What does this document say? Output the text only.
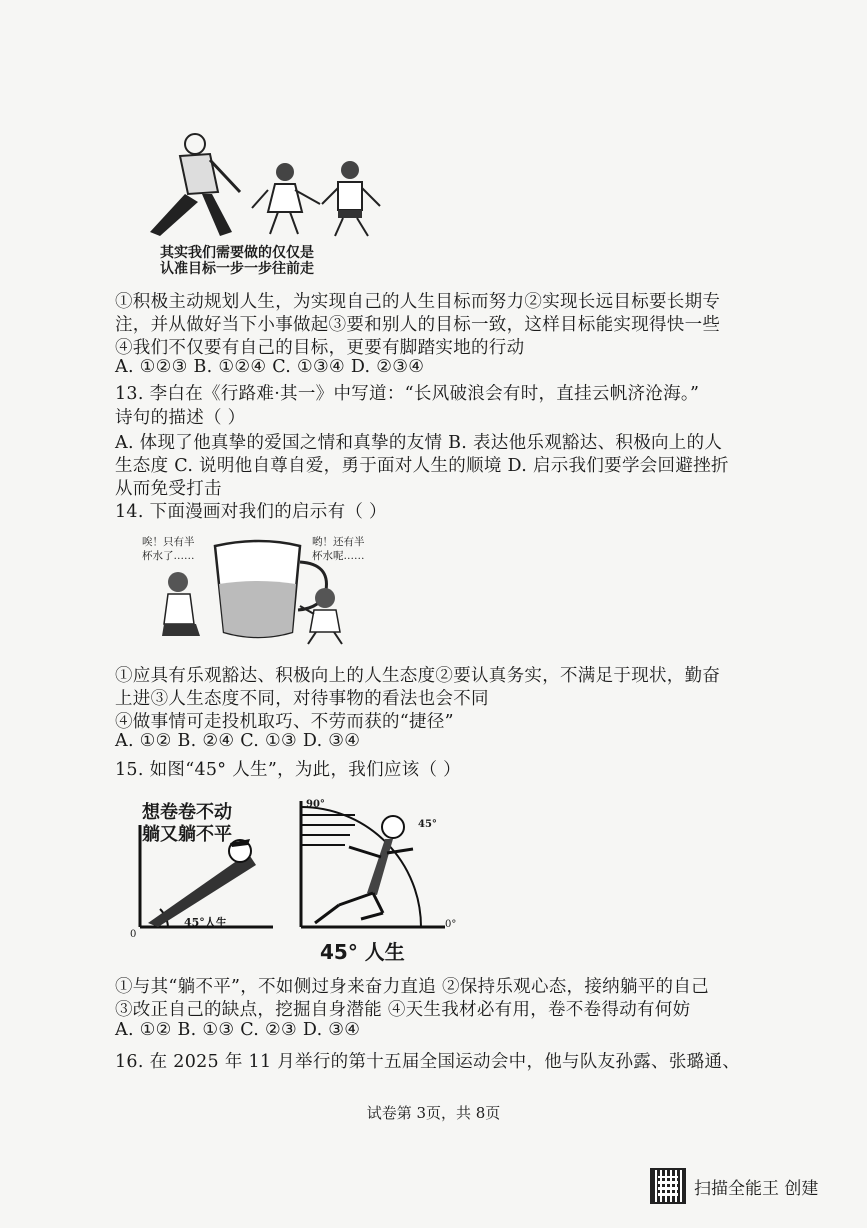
其实我们需要做的仅仅是
认准目标一步一步往前走
①积极主动规划人生，为实现自己的人生目标而努力②实现长远目标要长期专
注，并从做好当下小事做起③要和别人的目标一致，这样目标能实现得快一些
④我们不仅要有自己的目标，更要有脚踏实地的行动
A. ①②③ B. ①②④ C. ①③④ D. ②③④
13. 李白在《行路难·其一》中写道：“长风破浪会有时，直挂云帆济沧海。”
诗句的描述（ ）
A. 体现了他真挚的爱国之情和真挚的友情 B. 表达他乐观豁达、积极向上的人
生态度 C. 说明他自尊自爱，勇于面对人生的顺境 D. 启示我们要学会回避挫折
从而免受打击
14. 下面漫画对我们的启示有（ ）
唉！只有半
杯水了……
哟！还有半
杯水呢……
①应具有乐观豁达、积极向上的人生态度②要认真务实，不满足于现状，勤奋
上进③人生态度不同，对待事物的看法也会不同
④做事情可走投机取巧、不劳而获的“捷径”
A. ①② B. ②④ C. ①③ D. ③④
15. 如图“45° 人生”，为此，我们应该（ ）
想卷卷不动
躺又躺不平
45°人生
0
90°
45°
0°
45° 人生
①与其“躺不平”，不如侧过身来奋力直追 ②保持乐观心态，接纳躺平的自己
③改正自己的缺点，挖掘自身潜能 ④天生我材必有用，卷不卷得动有何妨
A. ①② B. ①③ C. ②③ D. ③④
16. 在 2025 年 11 月举行的第十五届全国运动会中，他与队友孙露、张璐通、
试卷第 3页，共 8页
扫描全能王 创建
